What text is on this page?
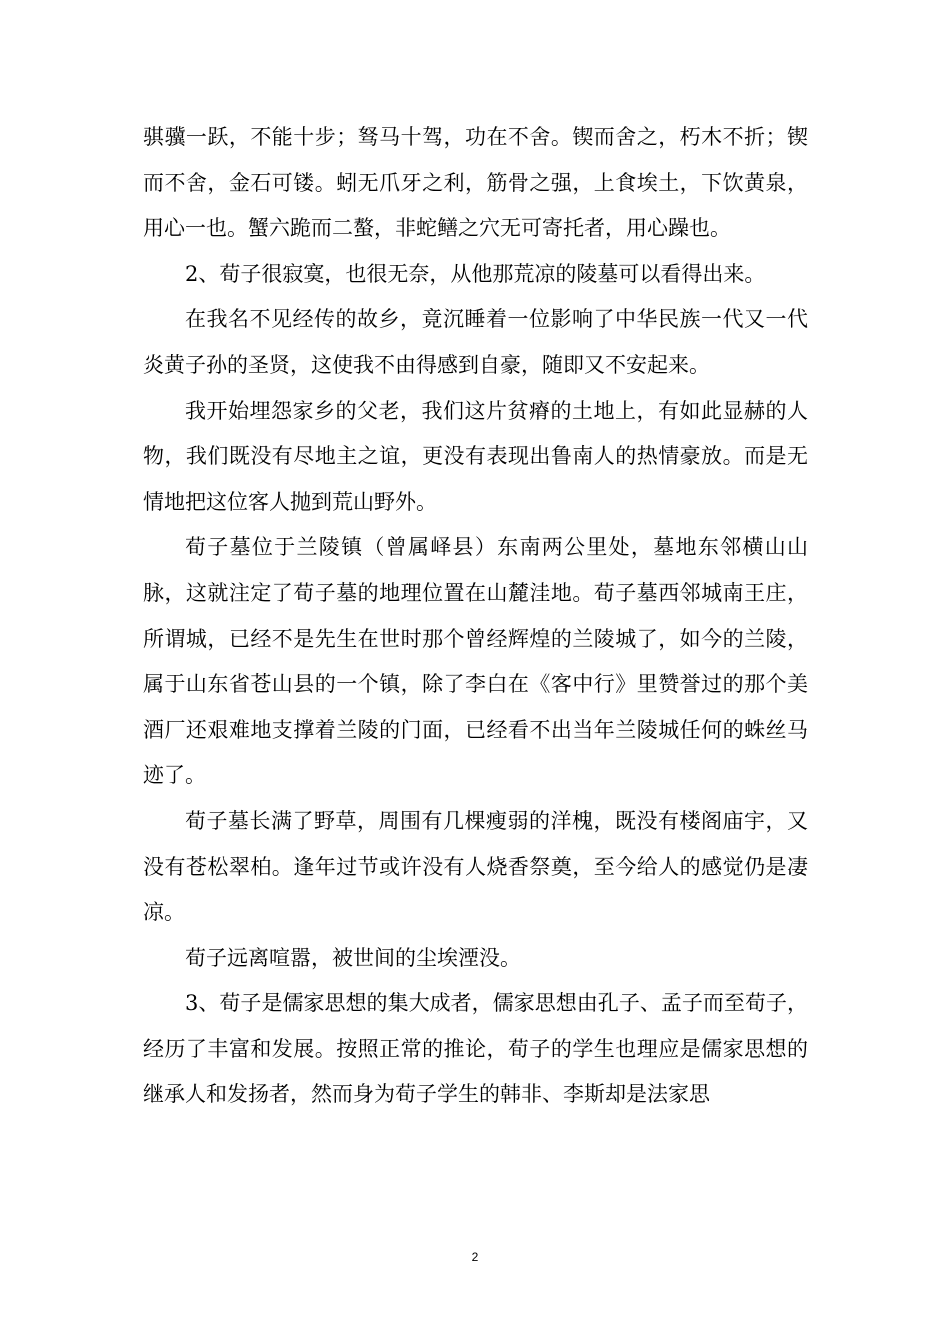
骐骥一跃，不能十步；驽马十驾，功在不舍。锲而舍之，朽木不折；锲而不舍，金石可镂。蚓无爪牙之利，筋骨之强，上食埃土，下饮黄泉，用心一也。蟹六跪而二螯，非蛇鳝之穴无可寄托者，用心躁也。

2、荀子很寂寞，也很无奈，从他那荒凉的陵墓可以看得出来。

在我名不见经传的故乡，竟沉睡着一位影响了中华民族一代又一代炎黄子孙的圣贤，这使我不由得感到自豪，随即又不安起来。

我开始埋怨家乡的父老，我们这片贫瘠的土地上，有如此显赫的人物，我们既没有尽地主之谊，更没有表现出鲁南人的热情豪放。而是无情地把这位客人抛到荒山野外。

荀子墓位于兰陵镇（曾属峄县）东南两公里处，墓地东邻横山山脉，这就注定了荀子墓的地理位置在山麓洼地。荀子墓西邻城南王庄，所谓城，已经不是先生在世时那个曾经辉煌的兰陵城了，如今的兰陵，属于山东省苍山县的一个镇，除了李白在《客中行》里赞誉过的那个美酒厂还艰难地支撑着兰陵的门面，已经看不出当年兰陵城任何的蛛丝马迹了。

荀子墓长满了野草，周围有几棵瘦弱的洋槐，既没有楼阁庙宇，又没有苍松翠柏。逢年过节或许没有人烧香祭奠，至今给人的感觉仍是凄凉。

荀子远离喧嚣，被世间的尘埃湮没。

3、荀子是儒家思想的集大成者，儒家思想由孔子、孟子而至荀子，经历了丰富和发展。按照正常的推论，荀子的学生也理应是儒家思想的继承人和发扬者，然而身为荀子学生的韩非、李斯却是法家思

2
